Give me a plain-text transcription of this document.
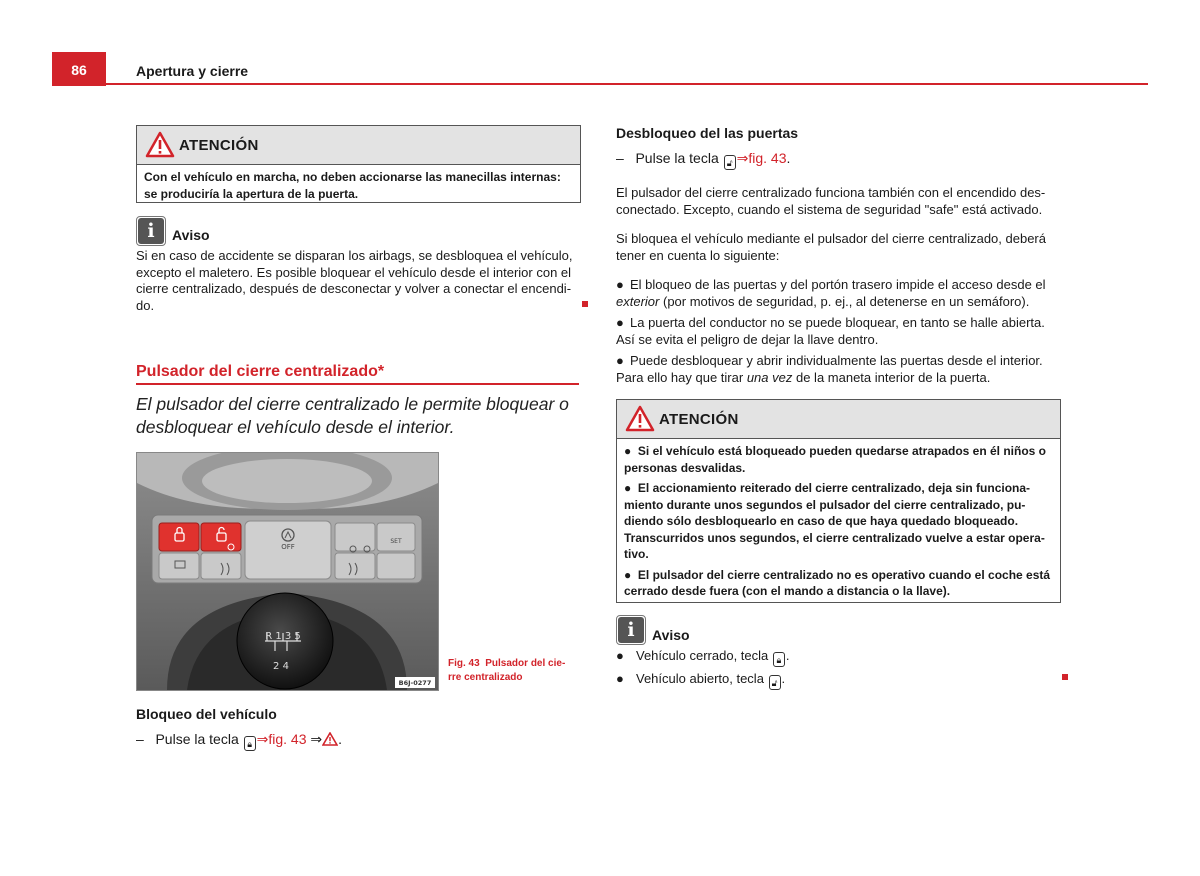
86	Apertura y cierre
ATENCIÓN
Con el vehículo en marcha, no deben accionarse las manecillas internas: se produciría la apertura de la puerta.
i	Aviso
Si en caso de accidente se disparan los airbags, se desbloquea el vehículo, excepto el maletero. Es posible bloquear el vehículo desde el interior con el cierre centralizado, después de desconectar y volver a conectar el encendi-do.
Pulsador del cierre centralizado*
El pulsador del cierre centralizado le permite bloquear o desbloquear el vehículo desde el interior.
OFF
SET
R 1 3 5
2 4
B6J-0277
Fig. 43 Pulsador del cie-rre centralizado
Bloqueo del vehículo
– Pulse la tecla 🔒︎ ⇒fig. 43 ⇒ .
Desbloqueo del las puertas
– Pulse la tecla 🔓︎ ⇒fig. 43.
El pulsador del cierre centralizado funciona también con el encendido des-conectado. Excepto, cuando el sistema de seguridad "safe" está activado.
Si bloquea el vehículo mediante el pulsador del cierre centralizado, deberá tener en cuenta lo siguiente:
● El bloqueo de las puertas y del portón trasero impide el acceso desde el exterior (por motivos de seguridad, p. ej., al detenerse en un semáforo).
● La puerta del conductor no se puede bloquear, en tanto se halle abierta. Así se evita el peligro de dejar la llave dentro.
● Puede desbloquear y abrir individualmente las puertas desde el interior. Para ello hay que tirar una vez de la maneta interior de la puerta.
ATENCIÓN

●  Si el vehículo está bloqueado pueden quedarse atrapados en él niños o personas desvalidas.

●  El accionamiento reiterado del cierre centralizado, deja sin funciona-miento durante unos segundos el pulsador del cierre centralizado, pu-diendo sólo desbloquearlo en caso de que haya quedado bloqueado. Transcurridos unos segundos, el cierre centralizado vuelve a estar opera-tivo.

●  El pulsador del cierre centralizado no es operativo cuando el coche está cerrado desde fuera (con el mando a distancia o la llave).

i	Aviso
● Vehículo cerrado, tecla 🔒︎ .
● Vehículo abierto, tecla 🔓︎ .
